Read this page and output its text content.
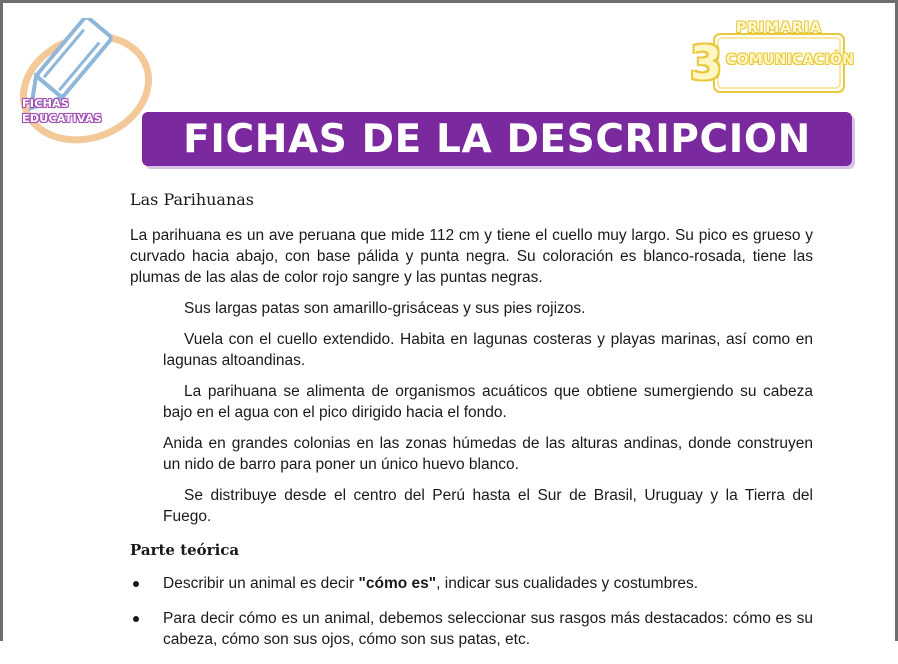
FICHAS
EDUCATIVAS
PRIMARIA
3 COMUNICACIÓN
FICHAS DE LA DESCRIPCION
Las Parihuanas

La parihuana es un ave peruana que mide 112 cm y tiene el cuello muy largo. Su pico es grueso y curvado hacia abajo, con base pálida y punta negra. Su coloración es blanco-rosada, tiene las plumas de las alas de color rojo sangre y las puntas negras.

Sus largas patas son amarillo-grisáceas y sus pies rojizos.

Vuela con el cuello extendido. Habita en lagunas costeras y playas marinas, así como en lagunas altoandinas.

La parihuana se alimenta de organismos acuáticos que obtiene sumergiendo su cabeza bajo en el agua con el pico dirigido hacia el fondo.

Anida en grandes colonias en las zonas húmedas de las alturas andinas, donde construyen un nido de barro para poner un único huevo blanco.

Se distribuye desde el centro del Perú hasta el Sur de Brasil, Uruguay y la Tierra del Fuego.

Parte teórica
Describir un animal es decir "cómo es", indicar sus cualidades y costumbres.
Para decir cómo es un animal, debemos seleccionar sus rasgos más destacados: cómo es su cabeza, cómo son sus ojos, cómo son sus patas, etc.
